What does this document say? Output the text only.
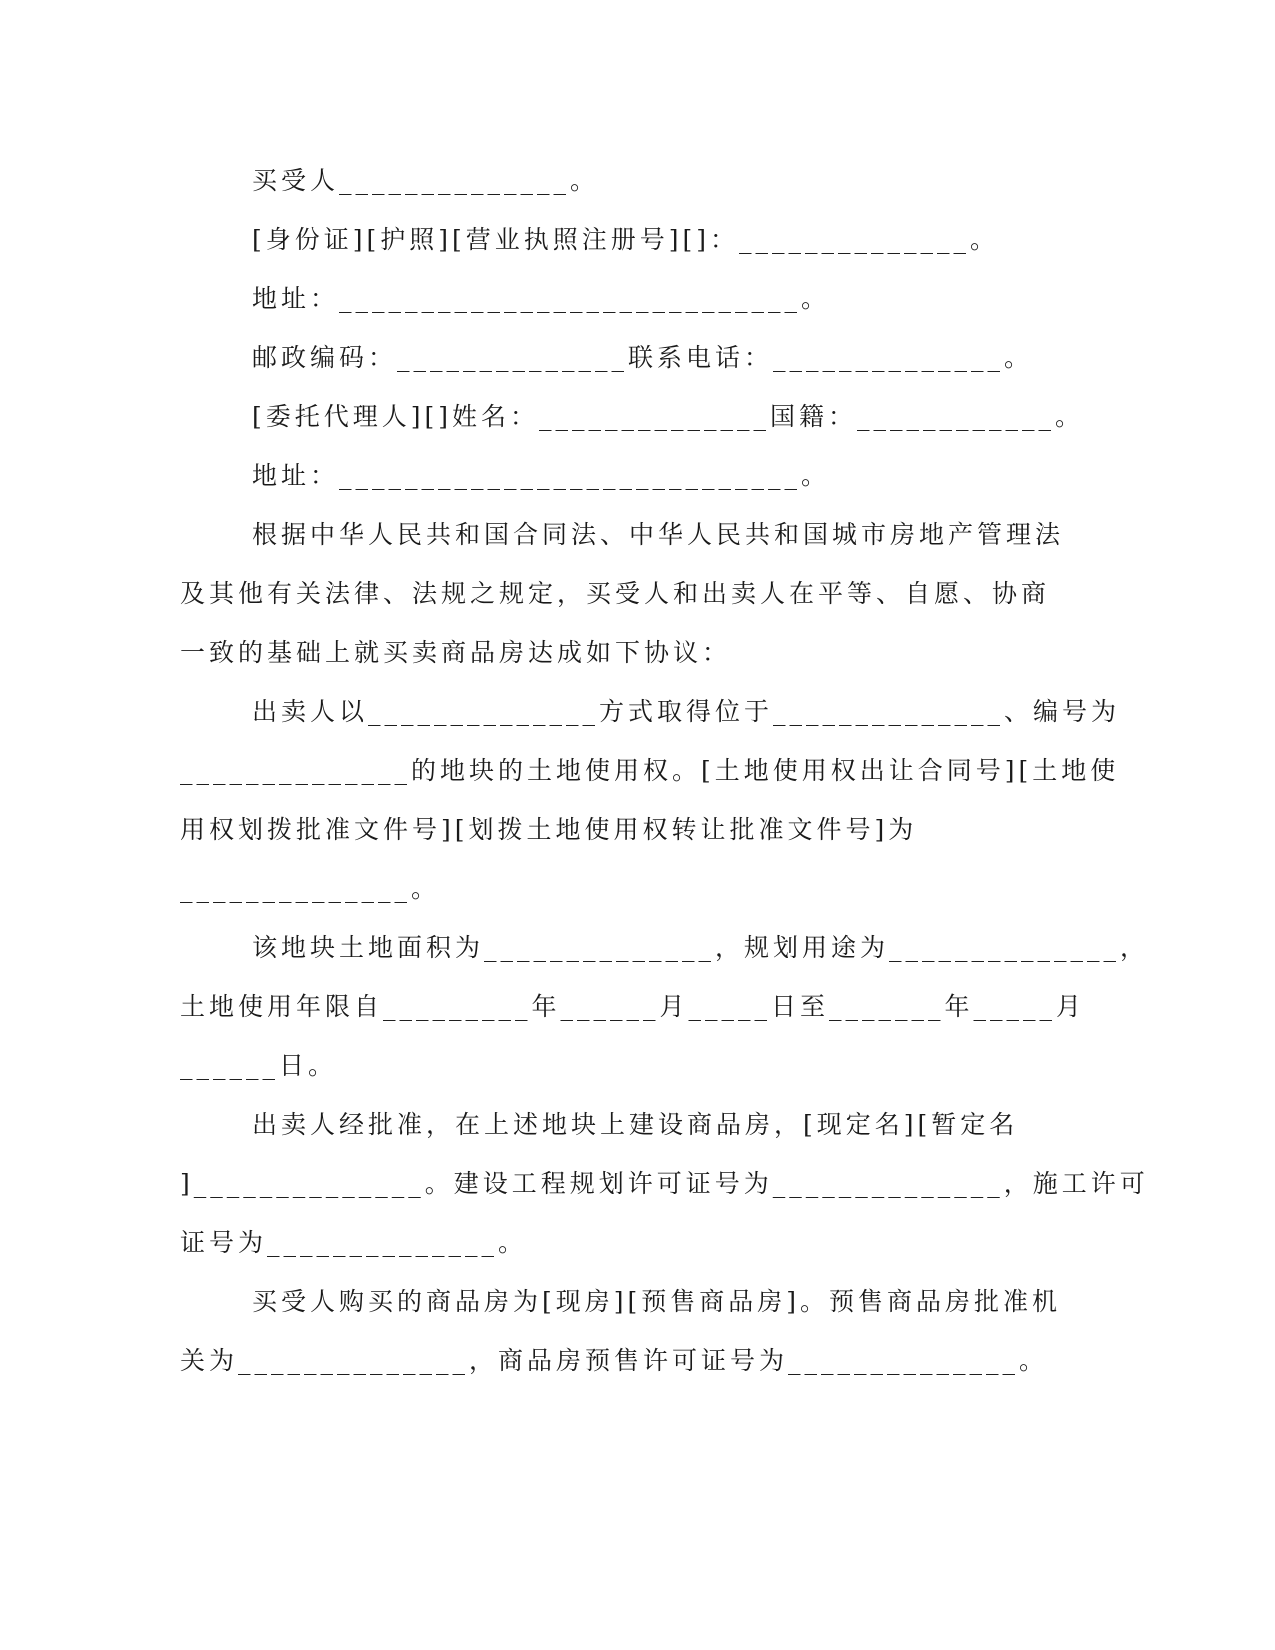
买受人______________。
[身份证][护照][营业执照注册号][]：______________。
地址：____________________________。
邮政编码：______________联系电话：______________。
[委托代理人][]姓名：______________国籍：____________。
地址：____________________________。
根据中华人民共和国合同法、中华人民共和国城市房地产管理法
及其他有关法律、法规之规定，买受人和出卖人在平等、自愿、协商
一致的基础上就买卖商品房达成如下协议：
出卖人以______________方式取得位于______________、编号为
______________的地块的土地使用权。[土地使用权出让合同号][土地使
用权划拨批准文件号][划拨土地使用权转让批准文件号]为
______________。
该地块土地面积为______________，规划用途为______________，
土地使用年限自_________年______月_____日至_______年_____月
______日。
出卖人经批准，在上述地块上建设商品房，[现定名][暂定名
]______________。建设工程规划许可证号为______________，施工许可
证号为______________。
买受人购买的商品房为[现房][预售商品房]。预售商品房批准机
关为______________，商品房预售许可证号为______________。
